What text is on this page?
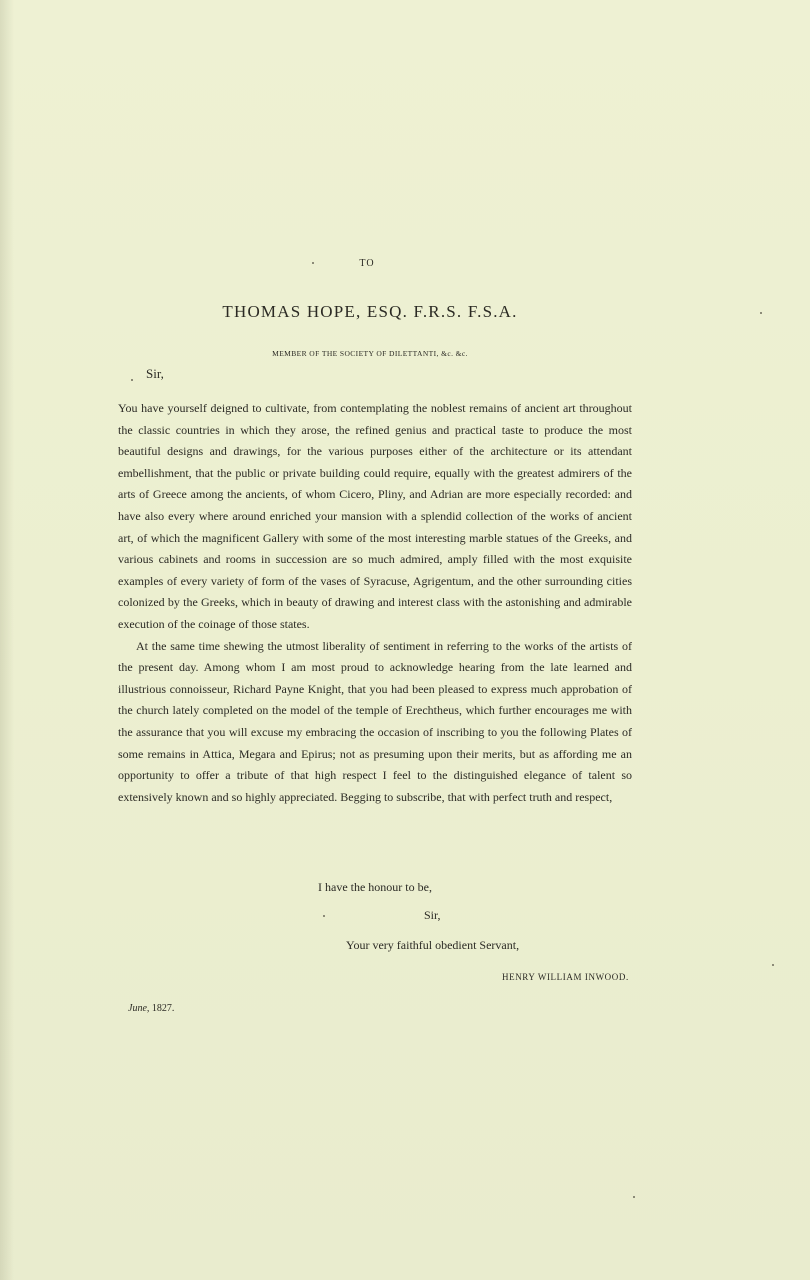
TO
THOMAS HOPE, ESQ. F.R.S. F.S.A.
MEMBER OF THE SOCIETY OF DILETTANTI, &c. &c.
Sir,

You have yourself deigned to cultivate, from contemplating the noblest remains of ancient art throughout the classic countries in which they arose, the refined genius and practical taste to produce the most beautiful designs and drawings, for the various purposes either of the architecture or its attendant embellishment, that the public or private building could require, equally with the greatest admirers of the arts of Greece among the ancients, of whom Cicero, Pliny, and Adrian are more especially recorded: and have also every where around enriched your mansion with a splendid collection of the works of ancient art, of which the magnificent Gallery with some of the most interesting marble statues of the Greeks, and various cabinets and rooms in succession are so much admired, amply filled with the most exquisite examples of every variety of form of the vases of Syracuse, Agrigentum, and the other surrounding cities colonized by the Greeks, which in beauty of drawing and interest class with the astonishing and admirable execution of the coinage of those states.

At the same time shewing the utmost liberality of sentiment in referring to the works of the artists of the present day. Among whom I am most proud to acknowledge hearing from the late learned and illustrious connoisseur, Richard Payne Knight, that you had been pleased to express much approbation of the church lately completed on the model of the temple of Erechtheus, which further encourages me with the assurance that you will excuse my embracing the occasion of inscribing to you the following Plates of some remains in Attica, Megara and Epirus; not as presuming upon their merits, but as affording me an opportunity to offer a tribute of that high respect I feel to the distinguished elegance of talent so extensively known and so highly appreciated. Begging to subscribe, that with perfect truth and respect,

I have the honour to be,
Sir,
Your very faithful obedient Servant,
HENRY WILLIAM INWOOD.
June, 1827.
